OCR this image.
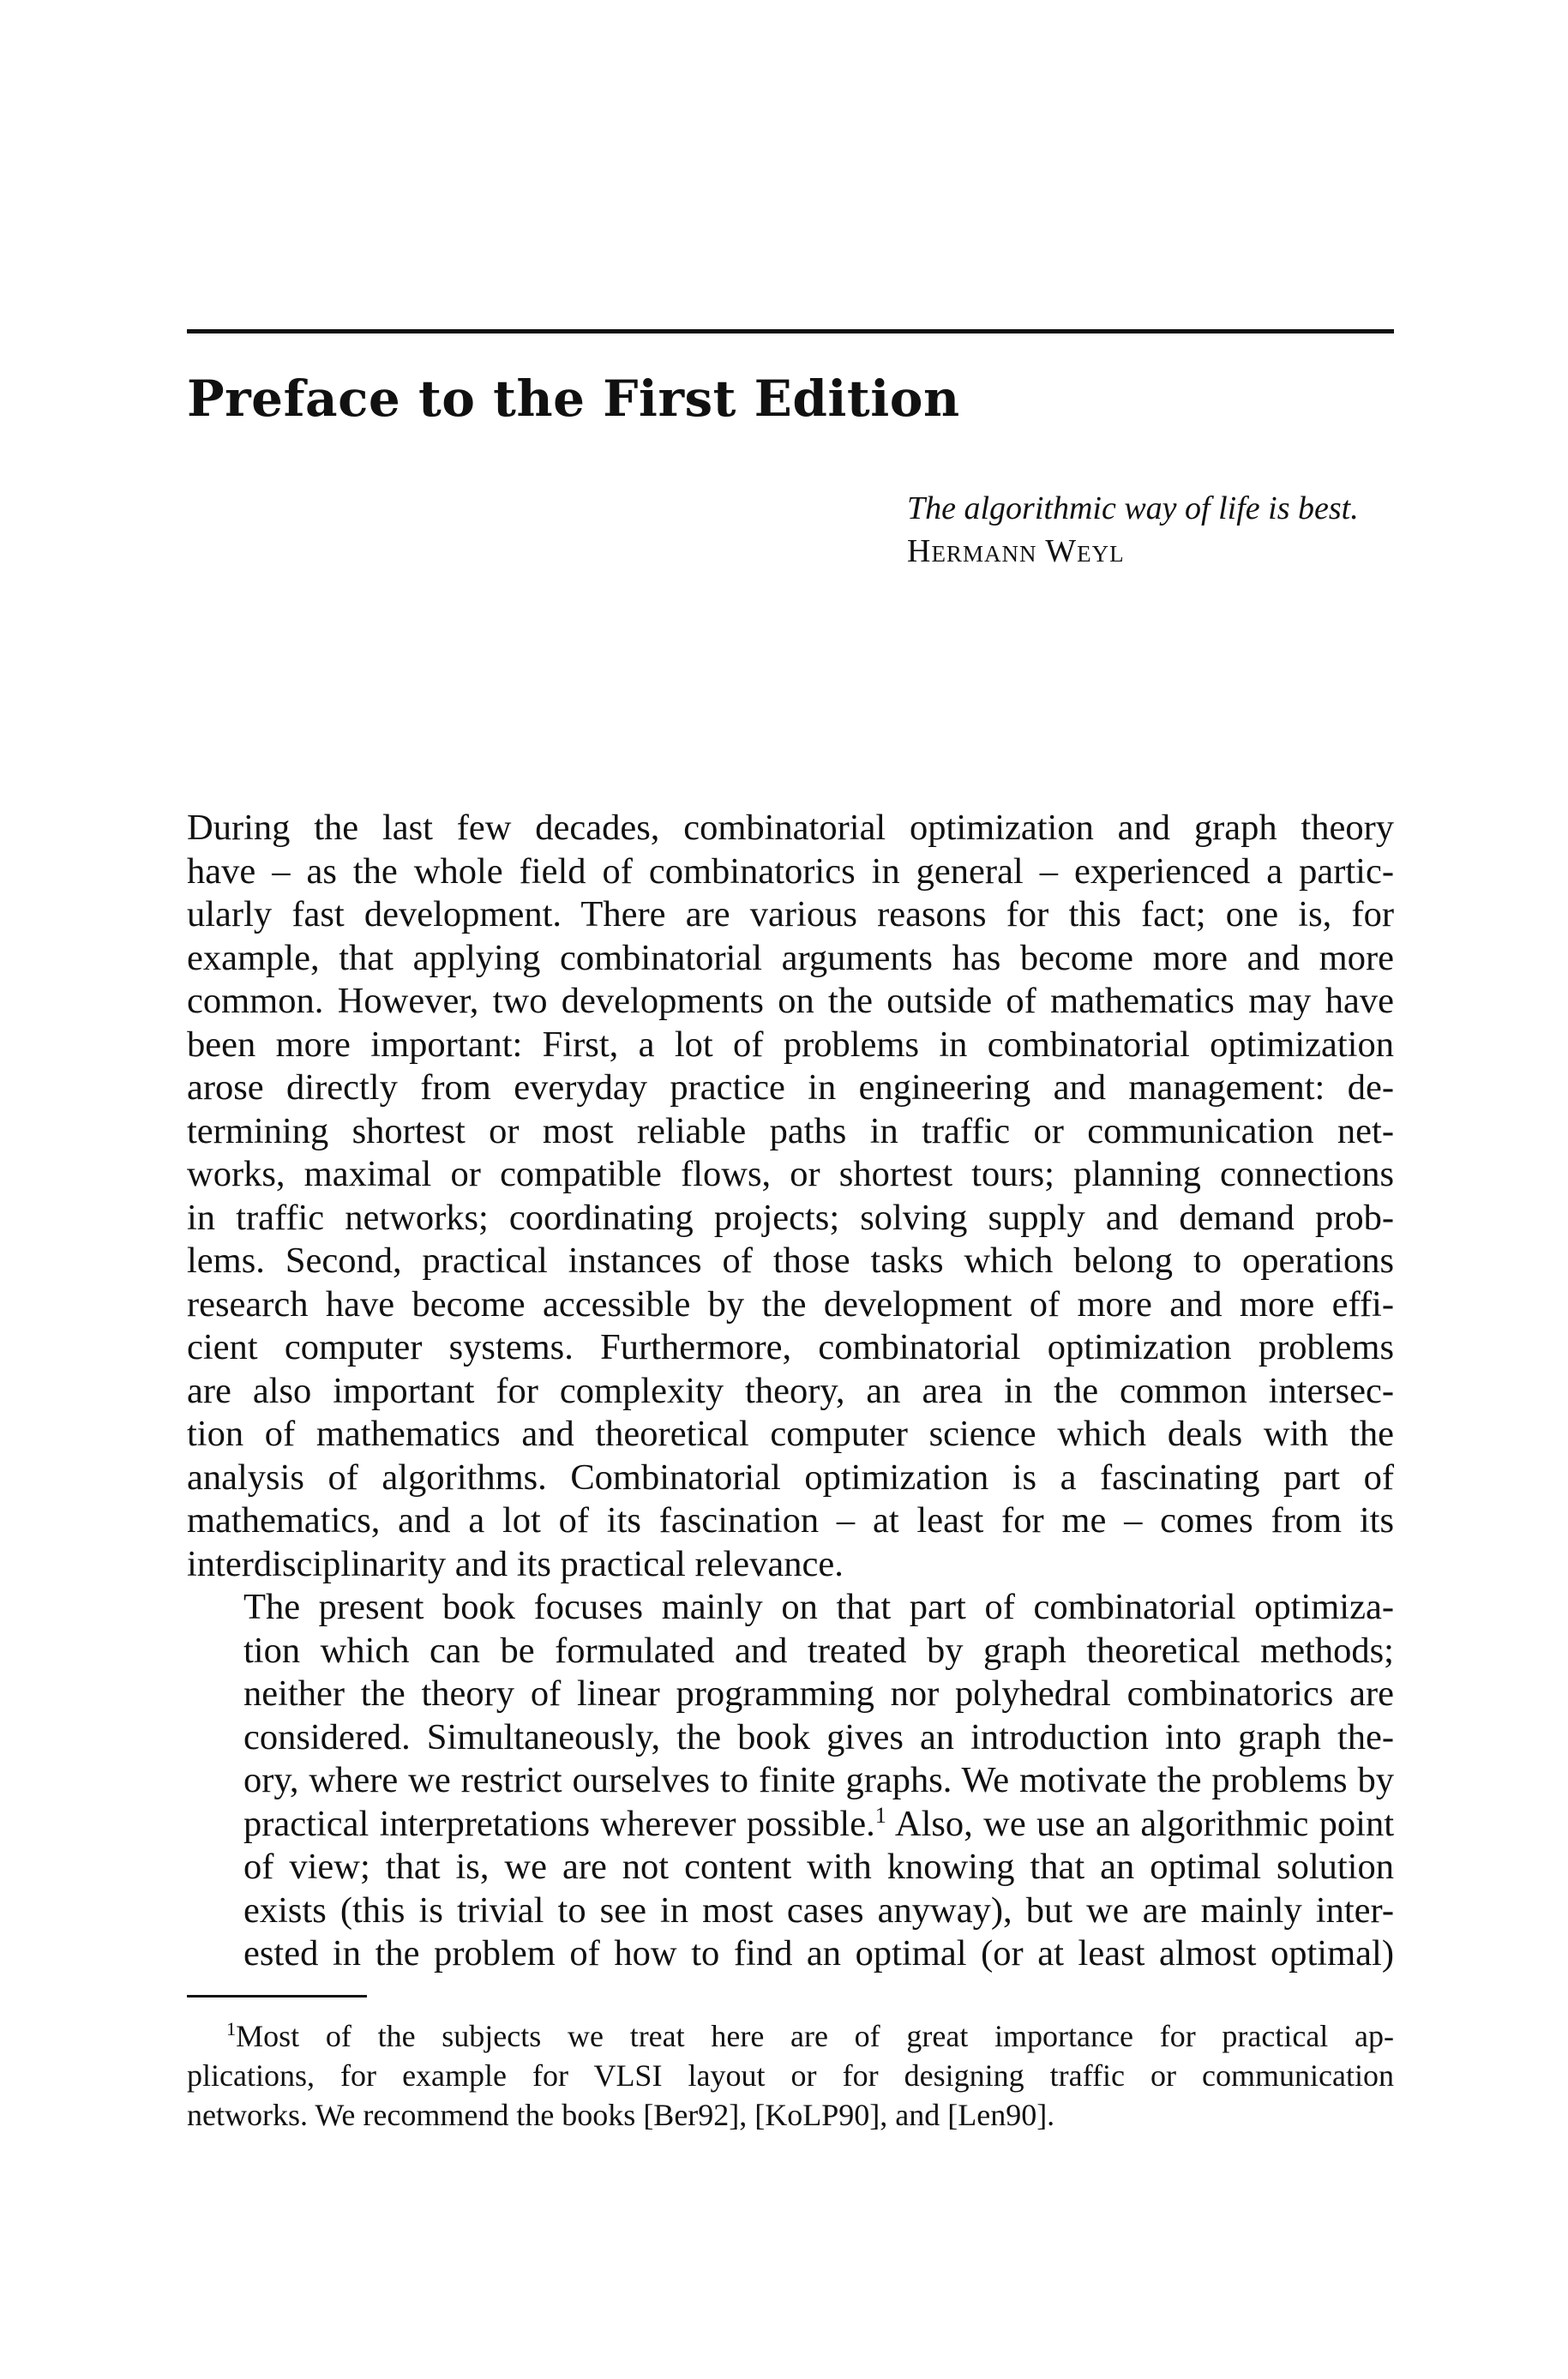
Preface to the First Edition
The algorithmic way of life is best.
Hermann Weyl

During the last few decades, combinatorial optimization and graph theory
have – as the whole field of combinatorics in general – experienced a partic-
ularly fast development. There are various reasons for this fact; one is, for
example, that applying combinatorial arguments has become more and more
common. However, two developments on the outside of mathematics may have
been more important: First, a lot of problems in combinatorial optimization
arose directly from everyday practice in engineering and management: de-
termining shortest or most reliable paths in traffic or communication net-
works, maximal or compatible flows, or shortest tours; planning connections
in traffic networks; coordinating projects; solving supply and demand prob-
lems. Second, practical instances of those tasks which belong to operations
research have become accessible by the development of more and more effi-
cient computer systems. Furthermore, combinatorial optimization problems
are also important for complexity theory, an area in the common intersec-
tion of mathematics and theoretical computer science which deals with the
analysis of algorithms. Combinatorial optimization is a fascinating part of
mathematics, and a lot of its fascination – at least for me – comes from its
interdisciplinarity and its practical relevance.

The present book focuses mainly on that part of combinatorial optimiza-
tion which can be formulated and treated by graph theoretical methods;
neither the theory of linear programming nor polyhedral combinatorics are
considered. Simultaneously, the book gives an introduction into graph the-
ory, where we restrict ourselves to finite graphs. We motivate the problems by
practical interpretations wherever possible.$^1$ Also, we use an algorithmic point
of view; that is, we are not content with knowing that an optimal solution
exists (this is trivial to see in most cases anyway), but we are mainly inter-
ested in the problem of how to find an optimal (or at least almost optimal)

$^1$Most of the subjects we treat here are of great importance for practical ap-
plications, for example for VLSI layout or for designing traffic or communication
networks. We recommend the books [Ber92], [KoLP90], and [Len90].
